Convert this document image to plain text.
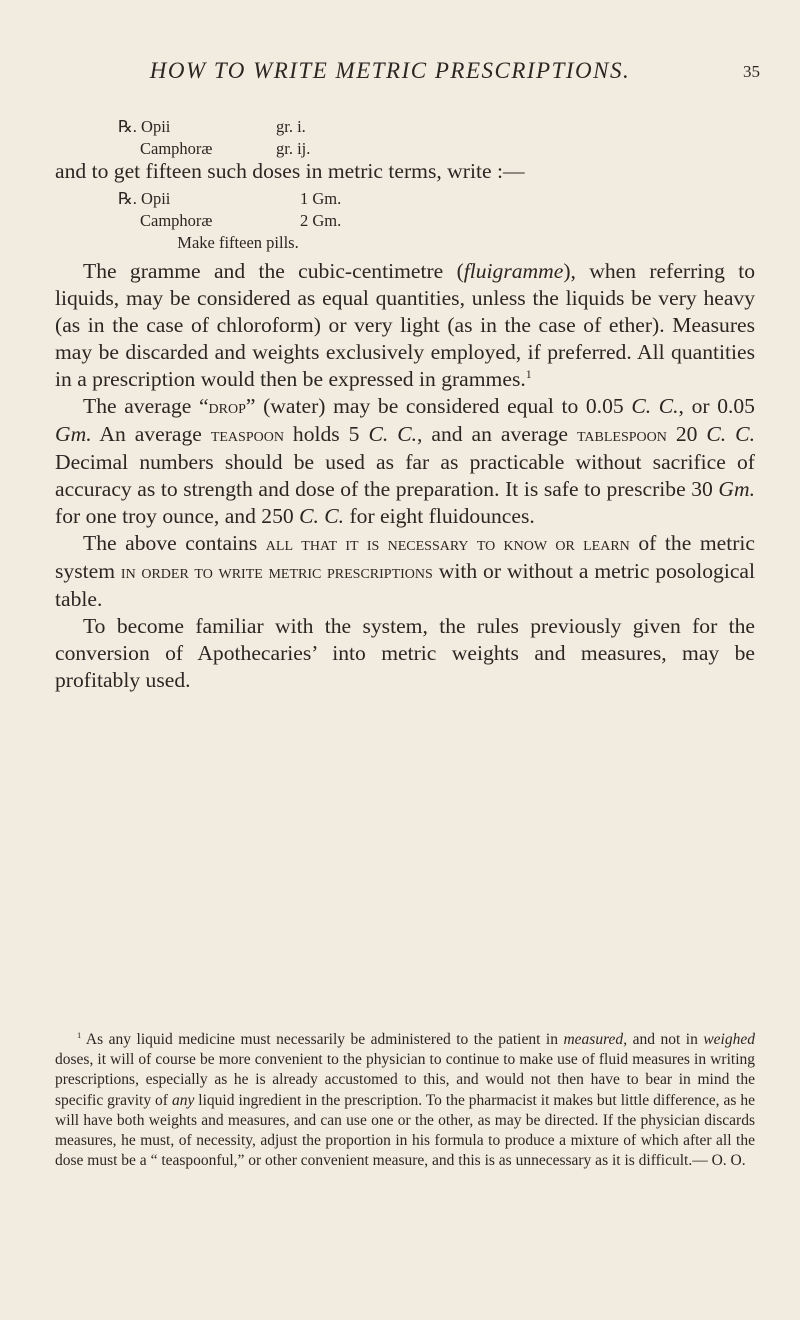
HOW TO WRITE METRIC PRESCRIPTIONS.	35
℞. Opii	gr. i.
Camphoræ	gr. ij.

and to get fifteen such doses in metric terms, write :—

℞. Opii	1 Gm.
Camphoræ	2 Gm.
Make fifteen pills.

The gramme and the cubic-centimetre (fluigramme), when referring to liquids, may be considered as equal quantities, unless the liquids be very heavy (as in the case of chloroform) or very light (as in the case of ether). Measures may be discarded and weights exclusively employed, if preferred. All quantities in a prescription would then be expressed in grammes.$^1$

The average “drop” (water) may be considered equal to 0.05 C. C., or 0.05 Gm. An average teaspoon holds 5 C. C., and an average tablespoon 20 C. C. Decimal numbers should be used as far as practicable without sacrifice of accuracy as to strength and dose of the preparation. It is safe to prescribe 30 Gm. for one troy ounce, and 250 C. C. for eight fluidounces.

The above contains all that it is necessary to know or learn of the metric system in order to write metric prescriptions with or without a metric posological table.

To become familiar with the system, the rules previously given for the conversion of Apothecaries’ into metric weights and measures, may be profitably used.

$^1$ As any liquid medicine must necessarily be administered to the patient in measured, and not in weighed doses, it will of course be more convenient to the physician to continue to make use of fluid measures in writing prescriptions, especially as he is already accustomed to this, and would not then have to bear in mind the specific gravity of any liquid ingredient in the prescription. To the pharmacist it makes but little difference, as he will have both weights and measures, and can use one or the other, as may be directed. If the physician discards measures, he must, of necessity, adjust the proportion in his formula to produce a mixture of which after all the dose must be a “ teaspoonful,” or other convenient measure, and this is as unnecessary as it is difficult.— O. O.
